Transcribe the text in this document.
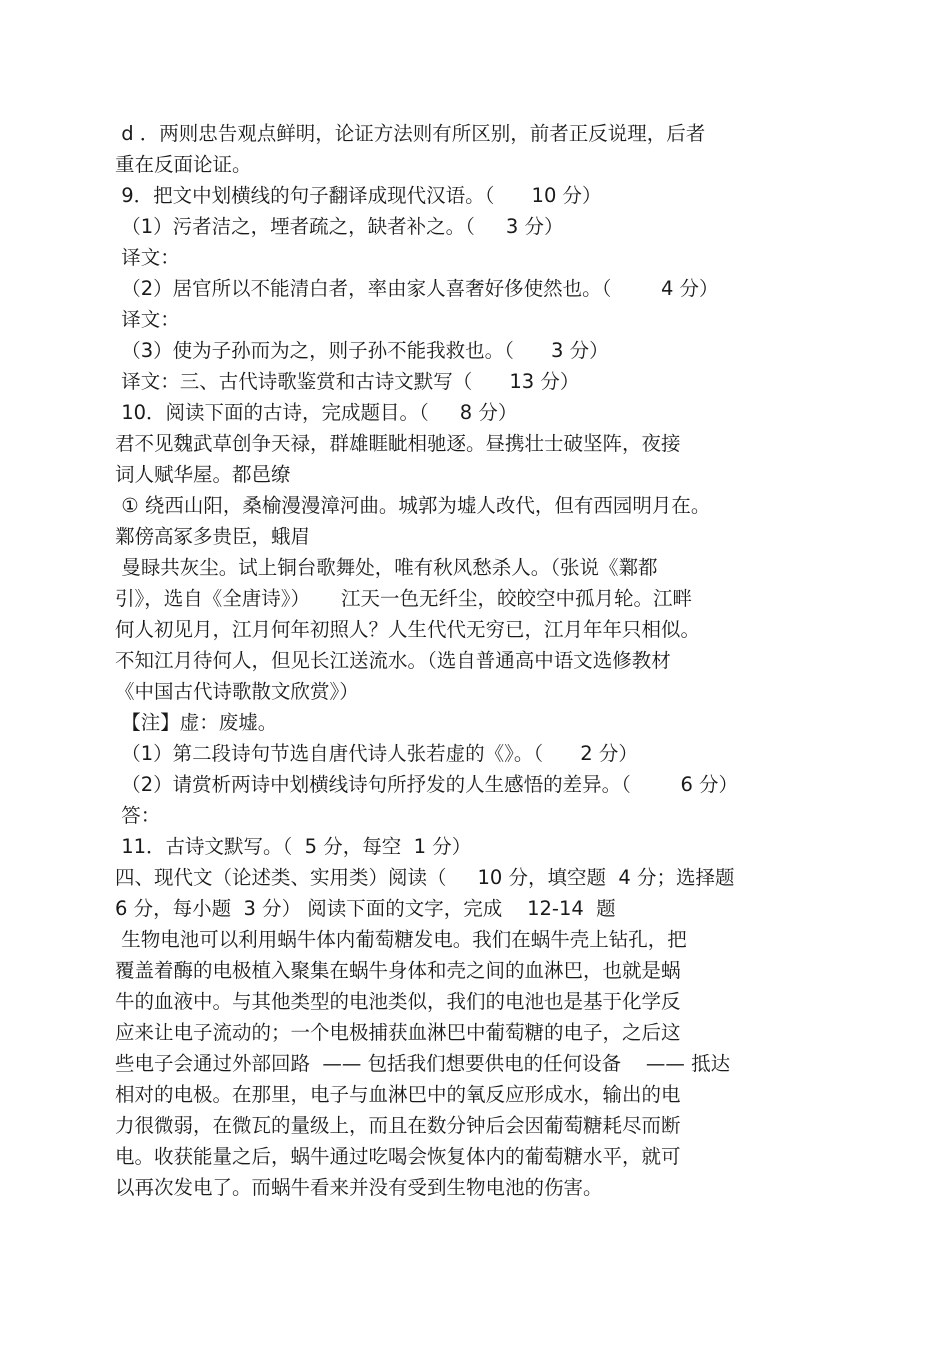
d ．两则忠告观点鲜明，论证方法则有所区别，前者正反说理，后者
重在反面论证。
9．把文中划横线的句子翻译成现代汉语。（      10 分）
（1）污者洁之，堙者疏之，缺者补之。（     3 分）
译文：
（2）居官所以不能清白者，率由家人喜奢好侈使然也。（        4 分）
译文：
（3）使为子孙而为之，则子孙不能我救也。（      3 分）
译文：三、古代诗歌鉴赏和古诗文默写（      13 分）
10．阅读下面的古诗，完成题目。（     8 分）
君不见魏武草创争天禄，群雄睚眦相驰逐。昼携壮士破坚阵，夜接
词人赋华屋。都邑缭
① 绕西山阳，桑榆漫漫漳河曲。城郭为墟人改代，但有西园明月在。
鄴傍高冢多贵臣，蛾眉
曼睩共灰尘。试上铜台歌舞处，唯有秋风愁杀人。（张说《鄴都
引》，选自《全唐诗》）     江天一色无纤尘，皎皎空中孤月轮。江畔
何人初见月，江月何年初照人？人生代代无穷已，江月年年只相似。
不知江月待何人，但见长江送流水。（选自普通高中语文选修教材
《中国古代诗歌散文欣赏》）
【注】虚：废墟。
（1）第二段诗句节选自唐代诗人张若虚的《》。（      2 分）
（2）请赏析两诗中划横线诗句所抒发的人生感悟的差异。（        6 分）
答：
11．古诗文默写。（  5 分，每空  1 分）
四、现代文（论述类、实用类）阅读（     10 分，填空题  4 分；选择题
6 分，每小题  3 分） 阅读下面的文字，完成    12-14  题
生物电池可以利用蜗牛体内葡萄糖发电。我们在蜗牛壳上钻孔，把
覆盖着酶的电极植入聚集在蜗牛身体和壳之间的血淋巴，也就是蜗
牛的血液中。与其他类型的电池类似，我们的电池也是基于化学反
应来让电子流动的；一个电极捕获血淋巴中葡萄糖的电子，之后这
些电子会通过外部回路  —— 包括我们想要供电的任何设备    —— 抵达
相对的电极。在那里，电子与血淋巴中的氧反应形成水，输出的电
力很微弱，在微瓦的量级上，而且在数分钟后会因葡萄糖耗尽而断
电。收获能量之后，蜗牛通过吃喝会恢复体内的葡萄糖水平，就可
以再次发电了。而蜗牛看来并没有受到生物电池的伤害。
